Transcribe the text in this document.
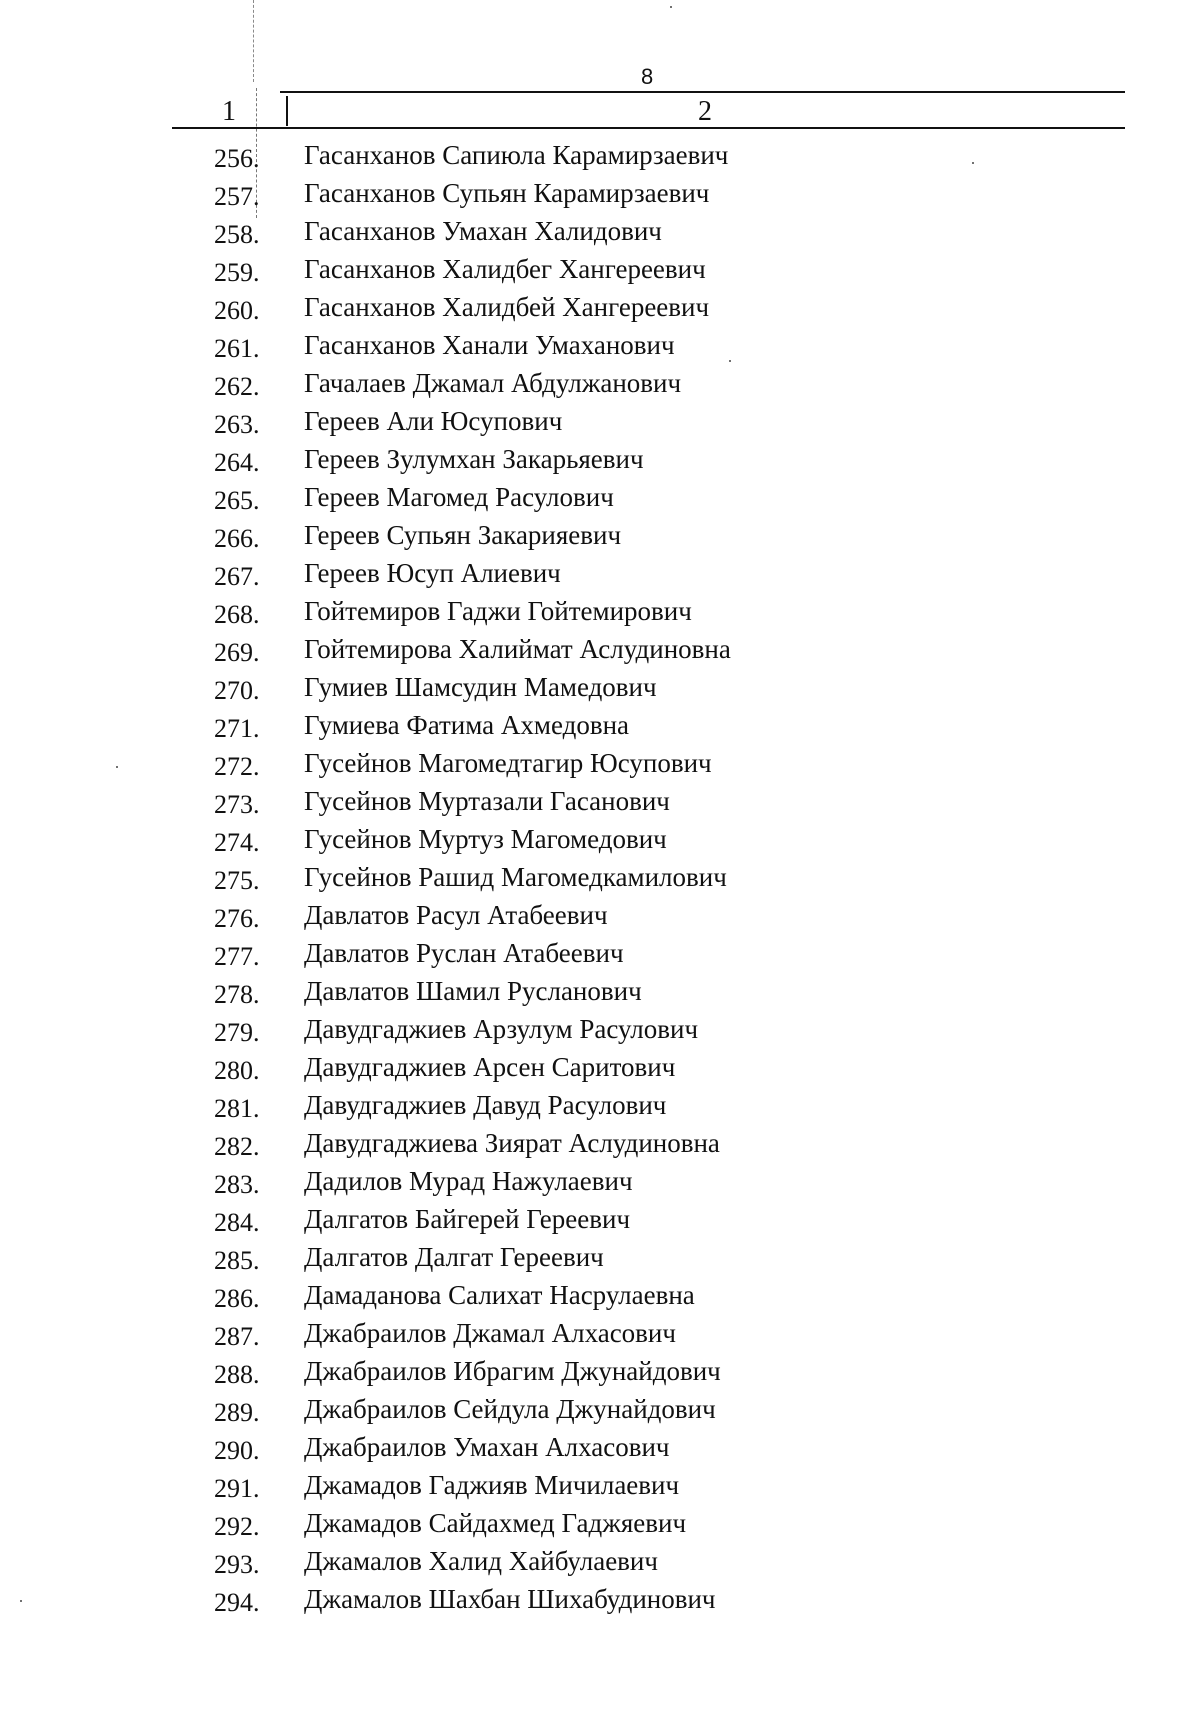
8
1	2
256.	Гасанханов Сапиюла Карамирзаевич
257.	Гасанханов Супьян Карамирзаевич
258.	Гасанханов Умахан Халидович
259.	Гасанханов Халидбег Хангереевич
260.	Гасанханов Халидбей Хангереевич
261.	Гасанханов Ханали Умаханович
262.	Гачалаев Джамал Абдулжанович
263.	Гереев Али Юсупович
264.	Гереев Зулумхан Закарьяевич
265.	Гереев Магомед Расулович
266.	Гереев Супьян Закарияевич
267.	Гереев Юсуп Алиевич
268.	Гойтемиров Гаджи Гойтемирович
269.	Гойтемирова Халиймат Аслудиновна
270.	Гумиев Шамсудин Мамедович
271.	Гумиева Фатима Ахмедовна
272.	Гусейнов Магомедтагир Юсупович
273.	Гусейнов Муртазали Гасанович
274.	Гусейнов Муртуз Магомедович
275.	Гусейнов Рашид Магомедкамилович
276.	Давлатов Расул Атабеевич
277.	Давлатов Руслан Атабеевич
278.	Давлатов Шамил Русланович
279.	Давудгаджиев Арзулум Расулович
280.	Давудгаджиев Арсен Саритович
281.	Давудгаджиев Давуд Расулович
282.	Давудгаджиева Зиярат Аслудиновна
283.	Дадилов Мурад Нажулаевич
284.	Далгатов Байгерей Гереевич
285.	Далгатов Далгат Гереевич
286.	Дамаданова Салихат Насрулаевна
287.	Джабраилов Джамал Алхасович
288.	Джабраилов Ибрагим Джунайдович
289.	Джабраилов Сейдула Джунайдович
290.	Джабраилов Умахан Алхасович
291.	Джамадов Гаджияв Мичилаевич
292.	Джамадов Сайдахмед Гаджяевич
293.	Джамалов Халид Хайбулаевич
294.	Джамалов Шахбан Шихабудинович
